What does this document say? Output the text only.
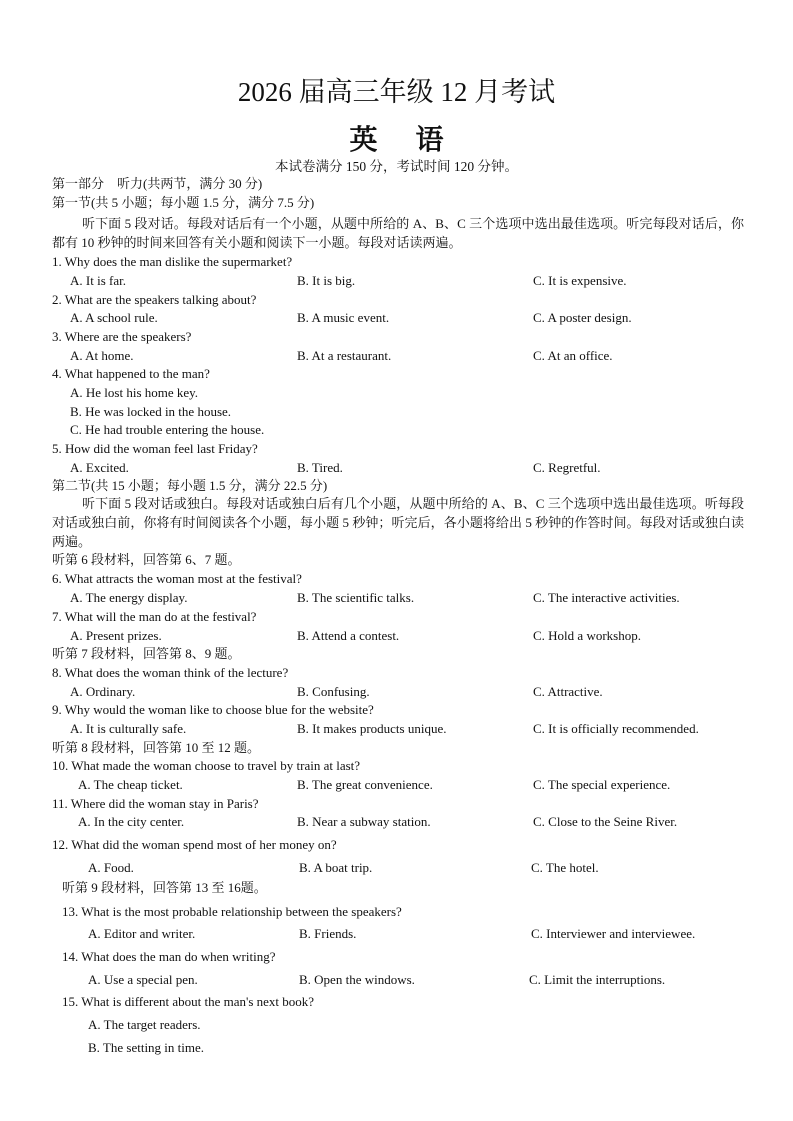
2026 届高三年级 12 月考试
英语
本试卷满分 150 分，考试时间 120 分钟。
第一部分　听力(共两节，满分 30 分)
第一节(共 5 小题；每小题 1.5 分，满分 7.5 分)
听下面 5 段对话。每段对话后有一个小题，从题中所给的 A、B、C 三个选项中选出最佳选项。听完每段对话后，你都有 10 秒钟的时间来回答有关小题和阅读下一小题。每段对话读两遍。
1. Why does the man dislike the supermarket?
A. It is far.	B. It is big.	C. It is expensive.
2. What are the speakers talking about?
A. A school rule.	B. A music event.	C. A poster design.
3. Where are the speakers?
A. At home.	B. At a restaurant.	C. At an office.
4. What happened to the man?
A. He lost his home key.
B. He was locked in the house.
C. He had trouble entering the house.
5. How did the woman feel last Friday?
A. Excited.	B. Tired.	C. Regretful.
第二节(共 15 小题；每小题 1.5 分，满分 22.5 分)
听下面 5 段对话或独白。每段对话或独白后有几个小题，从题中所给的 A、B、C 三个选项中选出最佳选项。听每段对话或独白前，你将有时间阅读各个小题，每小题 5 秒钟；听完后，各小题将给出 5 秒钟的作答时间。每段对话或独白读两遍。
听第 6 段材料，回答第 6、7 题。
6. What attracts the woman most at the festival?
A. The energy display.	B. The scientific talks.	C. The interactive activities.
7. What will the man do at the festival?
A. Present prizes.	B. Attend a contest.	C. Hold a workshop.
听第 7 段材料，回答第 8、9 题。
8. What does the woman think of the lecture?
A. Ordinary.	B. Confusing.	C. Attractive.
9. Why would the woman like to choose blue for the website?
A. It is culturally safe.	B. It makes products unique.	C. It is officially recommended.
听第 8 段材料，回答第 10 至 12 题。
10. What made the woman choose to travel by train at last?
A. The cheap ticket.	B. The great convenience.	C. The special experience.
11. Where did the woman stay in Paris?
A. In the city center.	B. Near a subway station.	C. Close to the Seine River.
12. What did the woman spend most of her money on?
A. Food.	B. A boat trip.	C. The hotel.
听第 9 段材料，回答第 13 至 16题。
13. What is the most probable relationship between the speakers?
A. Editor and writer.	B. Friends.	C. Interviewer and interviewee.
14. What does the man do when writing?
A. Use a special pen.	B. Open the windows.	C. Limit the interruptions.
15. What is different about the man's next book?
A. The target readers.
B. The setting in time.
